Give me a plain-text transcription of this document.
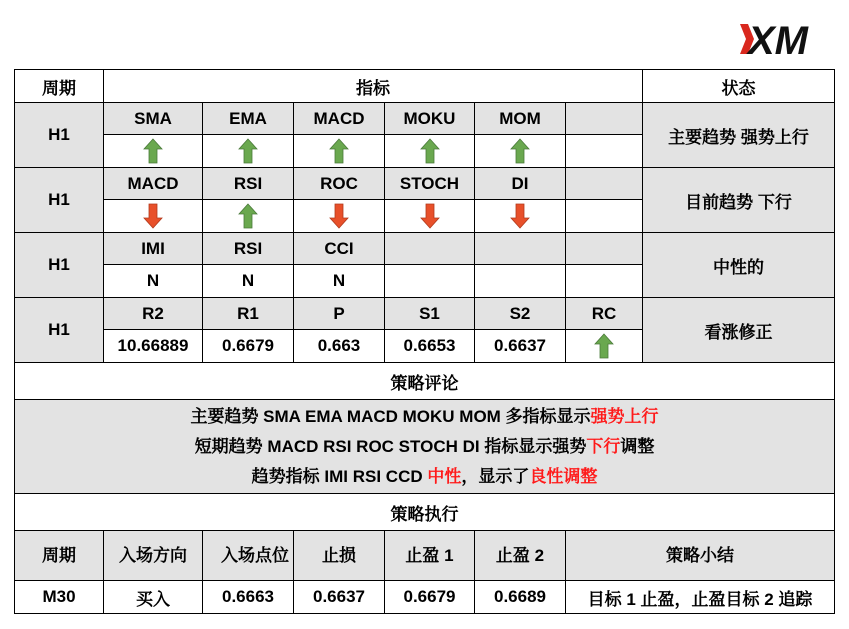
XM
周期	指标						状态
H1	SMA	EMA	MACD	MOKU	MOM		主要趋势 强势上行

H1	MACD	RSI	ROC	STOCH	DI		目前趋势 下行

H1	IMI	RSI	CCI				中性的
	N	N	N				
H1	R2	R1	P	S1	S2	RC	看涨修正
	10.66889	0.6679	0.663	0.6653	0.6637	
策略评论							

主要趋势 SMA EMA MACD MOKU MOM 多指标显示强势上行
短期趋势 MACD RSI ROC STOCH DI 指标显示强势下行调整
趋势指标 IMI RSI CCD 中性，显示了良性调整							

策略执行							
周期	入场方向	入场点位	止损	止盈 1	止盈 2	策略小结	
M30	买入	0.6663	0.6637	0.6679	0.6689	目标 1 止盈，止盈目标 2 追踪	
